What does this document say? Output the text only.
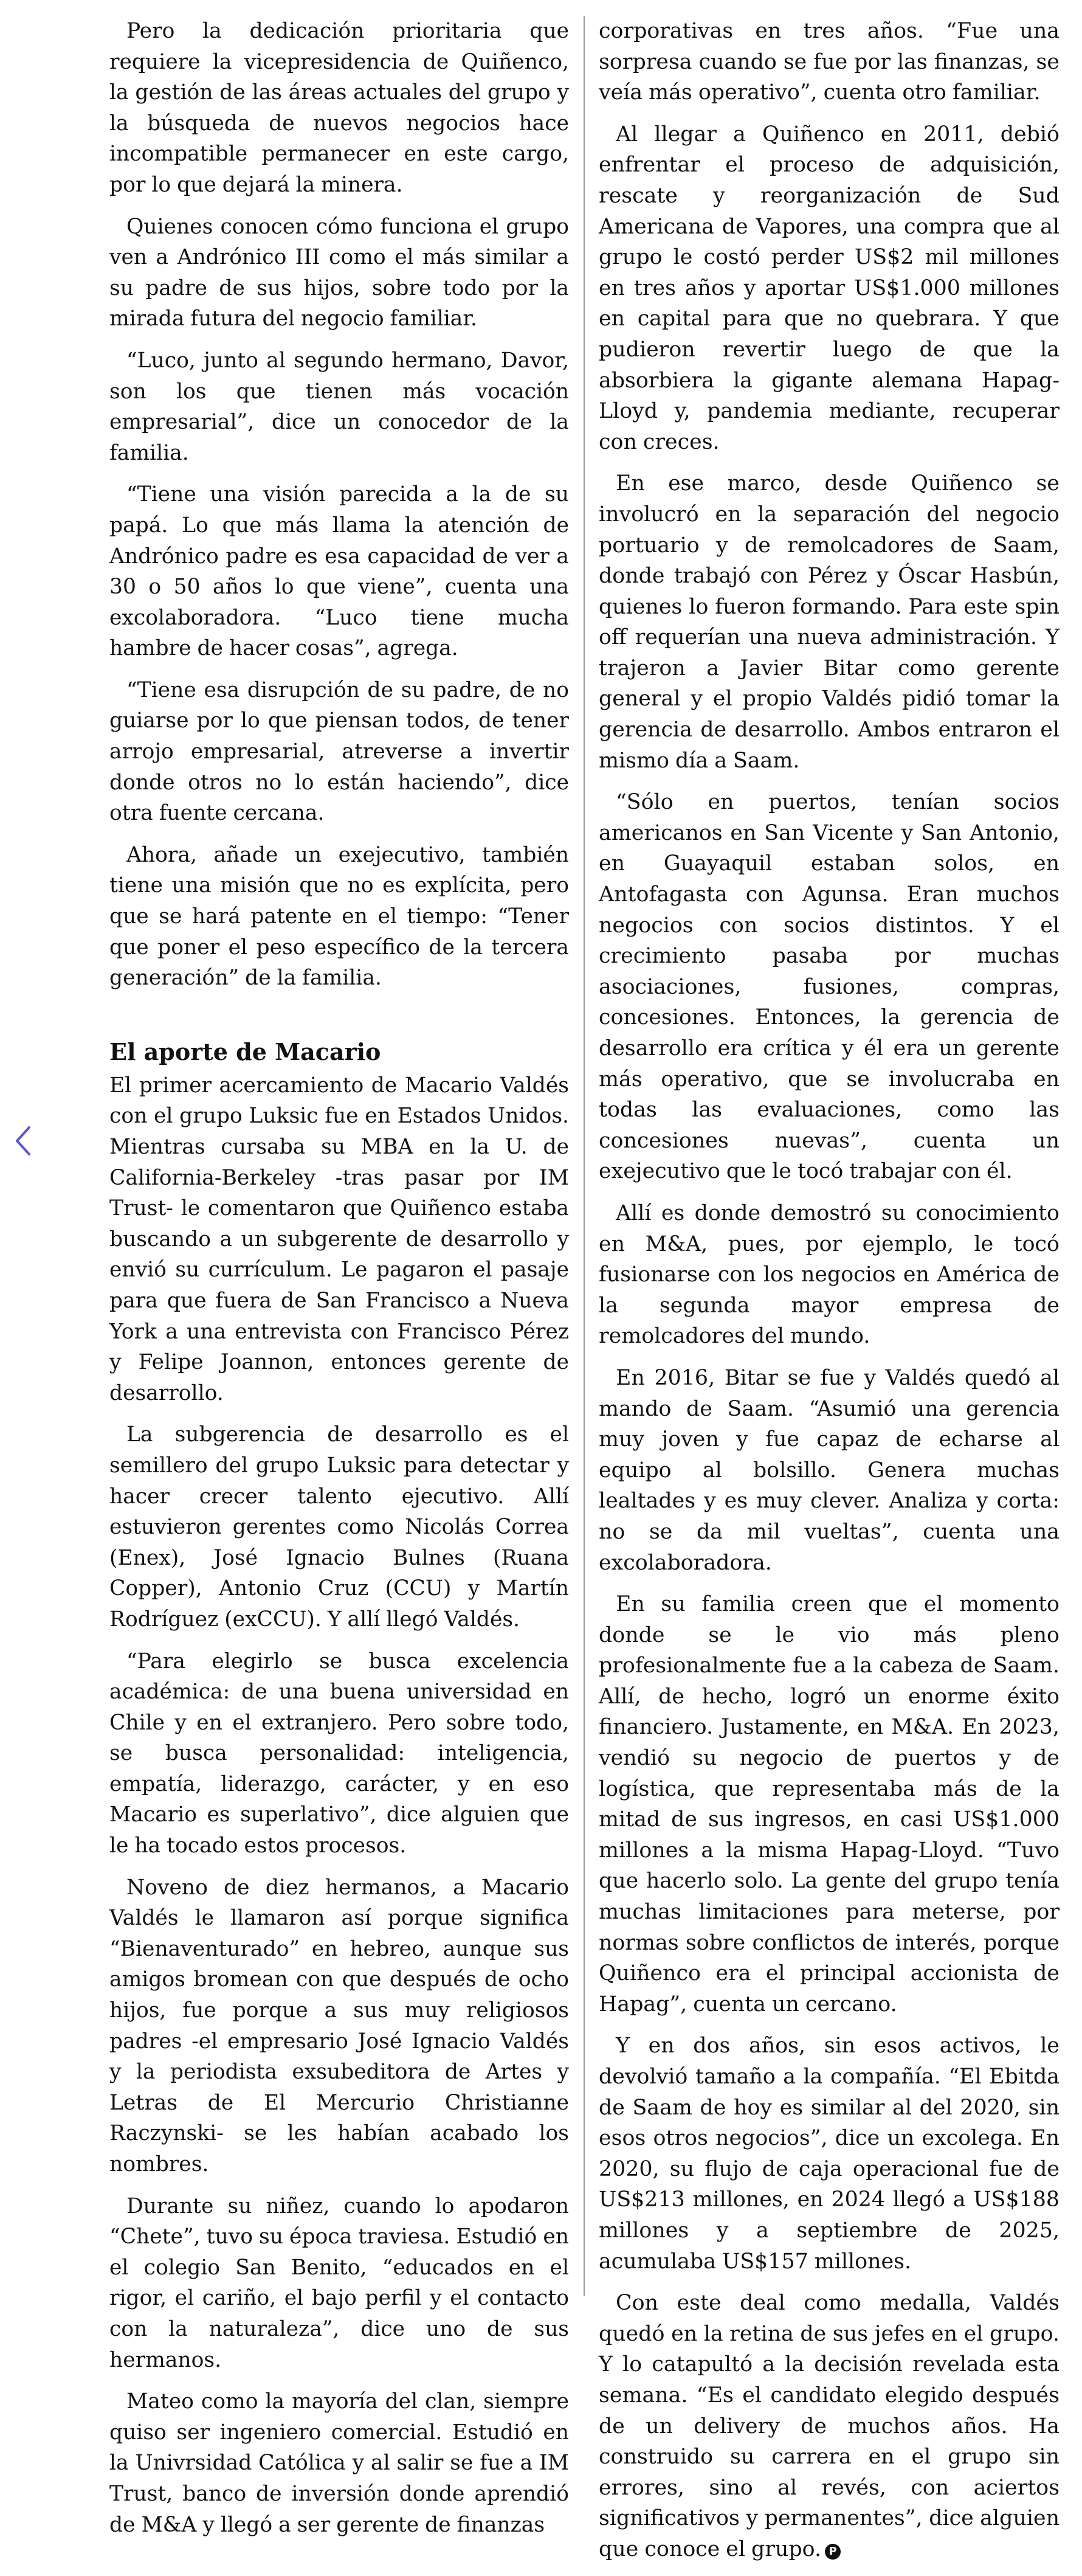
Pero la dedicación prioritaria que requiere la vicepresidencia de Quiñenco, la gestión de las áreas actuales del grupo y la búsqueda de nuevos negocios hace incompatible permanecer en este cargo, por lo que dejará la minera.

Quienes conocen cómo funciona el grupo ven a Andrónico III como el más similar a su padre de sus hijos, sobre todo por la mirada futura del negocio familiar.

“Luco, junto al segundo hermano, Davor, son los que tienen más vocación empresarial”, dice un conocedor de la familia.

“Tiene una visión parecida a la de su papá. Lo que más llama la atención de Andrónico padre es esa capacidad de ver a 30 o 50 años lo que viene”, cuenta una excolaboradora. “Luco tiene mucha hambre de hacer cosas”, agrega.

“Tiene esa disrupción de su padre, de no guiarse por lo que piensan todos, de tener arrojo empresarial, atreverse a invertir donde otros no lo están haciendo”, dice otra fuente cercana.

Ahora, añade un exejecutivo, también tiene una misión que no es explícita, pero que se hará patente en el tiempo: “Tener que poner el peso específico de la tercera generación” de la familia.

El aporte de Macario

El primer acercamiento de Macario Valdés con el grupo Luksic fue en Estados Unidos. Mientras cursaba su MBA en la U. de California-Berkeley -tras pasar por IM Trust- le comentaron que Quiñenco estaba buscando a un subgerente de desarrollo y envió su currículum. Le pagaron el pasaje para que fuera de San Francisco a Nueva York a una entrevista con Francisco Pérez y Felipe Joannon, entonces gerente de desarrollo.

La subgerencia de desarrollo es el semillero del grupo Luksic para detectar y hacer crecer talento ejecutivo. Allí estuvieron gerentes como Nicolás Correa (Enex), José Ignacio Bulnes (Ruana Copper), Antonio Cruz (CCU) y Martín Rodríguez (exCCU). Y allí llegó Valdés.

“Para elegirlo se busca excelencia académica: de una buena universidad en Chile y en el extranjero. Pero sobre todo, se busca personalidad: inteligencia, empatía, liderazgo, carácter, y en eso Macario es superlativo”, dice alguien que le ha tocado estos procesos.

Noveno de diez hermanos, a Macario Valdés le llamaron así porque significa “Bienaventurado” en hebreo, aunque sus amigos bromean con que después de ocho hijos, fue porque a sus muy religiosos padres -el empresario José Ignacio Valdés y la periodista exsubeditora de Artes y Letras de El Mercurio Christianne Raczynski- se les habían acabado los nombres.

Durante su niñez, cuando lo apodaron “Chete”, tuvo su época traviesa. Estudió en el colegio San Benito, “educados en el rigor, el cariño, el bajo perfil y el contacto con la naturaleza”, dice uno de sus hermanos.

Mateo como la mayoría del clan, siempre quiso ser ingeniero comercial. Estudió en la Univrsidad Católica y al salir se fue a IM Trust, banco de inversión donde aprendió de M&A y llegó a ser gerente de finanzas

corporativas en tres años. “Fue una sorpresa cuando se fue por las finanzas, se veía más operativo”, cuenta otro familiar.

Al llegar a Quiñenco en 2011, debió enfrentar el proceso de adquisición, rescate y reorganización de Sud Americana de Vapores, una compra que al grupo le costó perder US$2 mil millones en tres años y aportar US$1.000 millones en capital para que no quebrara. Y que pudieron revertir luego de que la absorbiera la gigante alemana Hapag-Lloyd y, pandemia mediante, recuperar con creces.

En ese marco, desde Quiñenco se involucró en la separación del negocio portuario y de remolcadores de Saam, donde trabajó con Pérez y Óscar Hasbún, quienes lo fueron formando. Para este spin off requerían una nueva administración. Y trajeron a Javier Bitar como gerente general y el propio Valdés pidió tomar la gerencia de desarrollo. Ambos entraron el mismo día a Saam.

“Sólo en puertos, tenían socios americanos en San Vicente y San Antonio, en Guayaquil estaban solos, en Antofagasta con Agunsa. Eran muchos negocios con socios distintos. Y el crecimiento pasaba por muchas asociaciones, fusiones, compras, concesiones. Entonces, la gerencia de desarrollo era crítica y él era un gerente más operativo, que se involucraba en todas las evaluaciones, como las concesiones nuevas”, cuenta un exejecutivo que le tocó trabajar con él.

Allí es donde demostró su conocimiento en M&A, pues, por ejemplo, le tocó fusionarse con los negocios en América de la segunda mayor empresa de remolcadores del mundo.

En 2016, Bitar se fue y Valdés quedó al mando de Saam. “Asumió una gerencia muy joven y fue capaz de echarse al equipo al bolsillo. Genera muchas lealtades y es muy clever. Analiza y corta: no se da mil vueltas”, cuenta una excolaboradora.

En su familia creen que el momento donde se le vio más pleno profesionalmente fue a la cabeza de Saam. Allí, de hecho, logró un enorme éxito financiero. Justamente, en M&A. En 2023, vendió su negocio de puertos y de logística, que representaba más de la mitad de sus ingresos, en casi US$1.000 millones a la misma Hapag-Lloyd. “Tuvo que hacerlo solo. La gente del grupo tenía muchas limitaciones para meterse, por normas sobre conflictos de interés, porque Quiñenco era el principal accionista de Hapag”, cuenta un cercano.

Y en dos años, sin esos activos, le devolvió tamaño a la compañía. “El Ebitda de Saam de hoy es similar al del 2020, sin esos otros negocios”, dice un excolega. En 2020, su flujo de caja operacional fue de US$213 millones, en 2024 llegó a US$188 millones y a septiembre de 2025, acumulaba US$157 millones.

Con este deal como medalla, Valdés quedó en la retina de sus jefes en el grupo. Y lo catapultó a la decisión revelada esta semana. “Es el candidato elegido después de un delivery de muchos años. Ha construido su carrera en el grupo sin errores, sino al revés, con aciertos significativos y permanentes”, dice alguien que conoce el grupo. P
